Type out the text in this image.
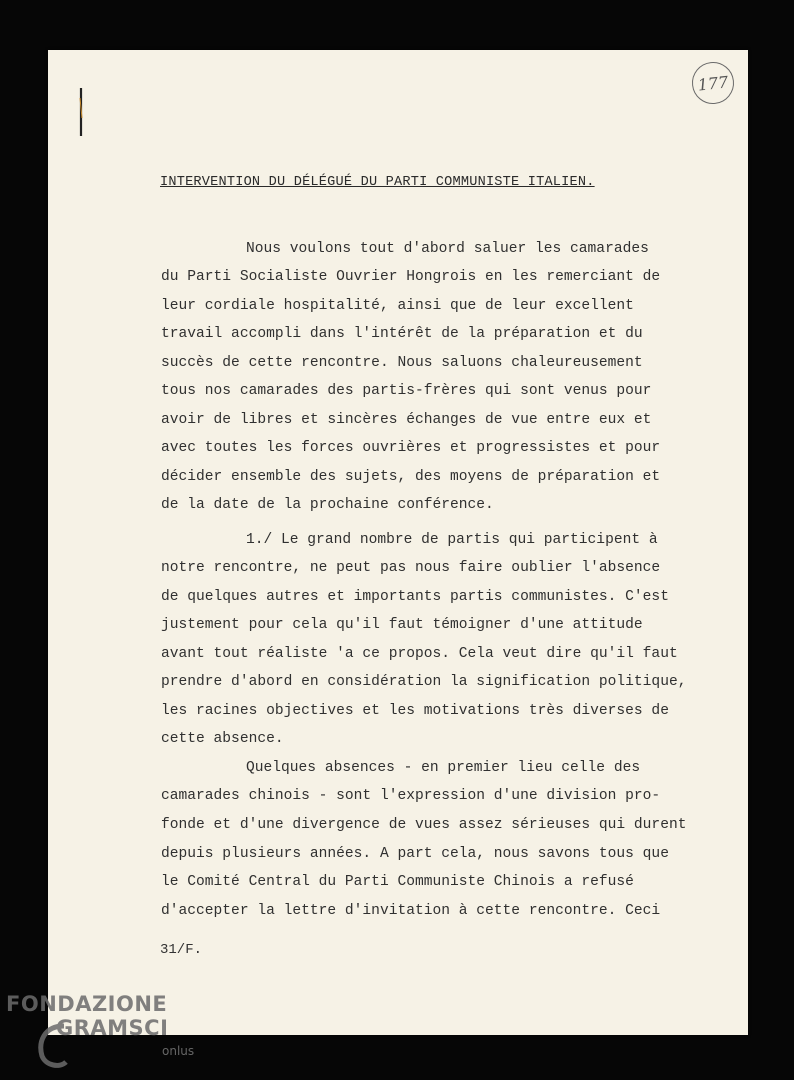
177
INTERVENTION DU DÉLÉGUÉ DU PARTI COMMUNISTE ITALIEN.
Nous voulons tout d'abord saluer les camarades
du Parti Socialiste Ouvrier Hongrois en les remerciant de
leur cordiale hospitalité, ainsi que de leur excellent
travail accompli dans l'intérêt de la préparation et du
succès de cette rencontre. Nous saluons chaleureusement
tous nos camarades des partis-frères qui sont venus pour
avoir de libres et sincères échanges de vue entre eux et
avec toutes les forces ouvrières et progressistes et pour
décider ensemble des sujets, des moyens de préparation et
de la date de la prochaine conférence.
1./ Le grand nombre de partis qui participent à
notre rencontre, ne peut pas nous faire oublier l'absence
de quelques autres et importants partis communistes. C'est
justement pour cela qu'il faut témoigner d'une attitude
avant tout réaliste 'a ce propos. Cela veut dire qu'il faut
prendre d'abord en considération la signification politique,
les racines objectives et les motivations très diverses de
cette absence.
Quelques absences - en premier lieu celle des
camarades chinois - sont l'expression d'une division pro-
fonde et d'une divergence de vues assez sérieuses qui durent
depuis plusieurs années. A part cela, nous savons tous que
le Comité Central du Parti Communiste Chinois a refusé
d'accepter la lettre d'invitation à cette rencontre. Ceci
31/F.
FONDAZIONE
GRAMSCI
onlus
